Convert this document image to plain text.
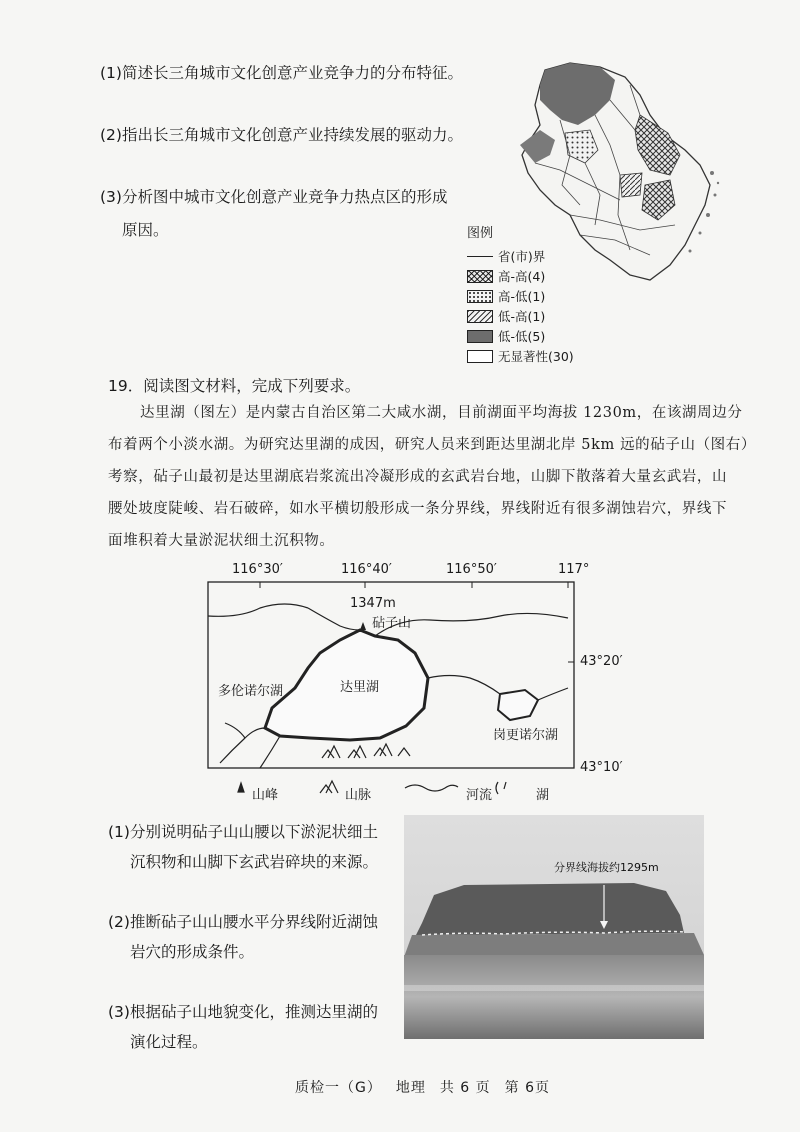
(1)简述长三角城市文化创意产业竞争力的分布特征。
(2)指出长三角城市文化创意产业持续发展的驱动力。
(3)分析图中城市文化创意产业竞争力热点区的形成
原因。	图例
省(市)界
高-高(4)
高-低(1)
低-高(1)
低-低(5)
无显著性(30)
19．阅读图文材料，完成下列要求。
达里湖（图左）是内蒙古自治区第二大咸水湖，目前湖面平均海拔 1230m，在该湖周边分
布着两个小淡水湖。为研究达里湖的成因，研究人员来到距达里湖北岸 5km 远的砧子山（图右）
考察，砧子山最初是达里湖底岩浆流出冷凝形成的玄武岩台地，山脚下散落着大量玄武岩，山
腰处坡度陡峻、岩石破碎，如水平横切般形成一条分界线，界线附近有很多湖蚀岩穴，界线下
面堆积着大量淤泥状细土沉积物。
116°30′	116°40′	116°50′	117°
1347m
砧子山
达里湖
多伦诺尔湖
岗更诺尔湖
43°20′
43°10′
山峰	山脉	河流	湖
(1)分别说明砧子山山腰以下淤泥状细土
沉积物和山脚下玄武岩碎块的来源。
(2)推断砧子山山腰水平分界线附近湖蚀
岩穴的形成条件。
(3)根据砧子山地貌变化，推测达里湖的
演化过程。
分界线海拔约1295m
质检一（G） 地理 共 6 页 第 6页
